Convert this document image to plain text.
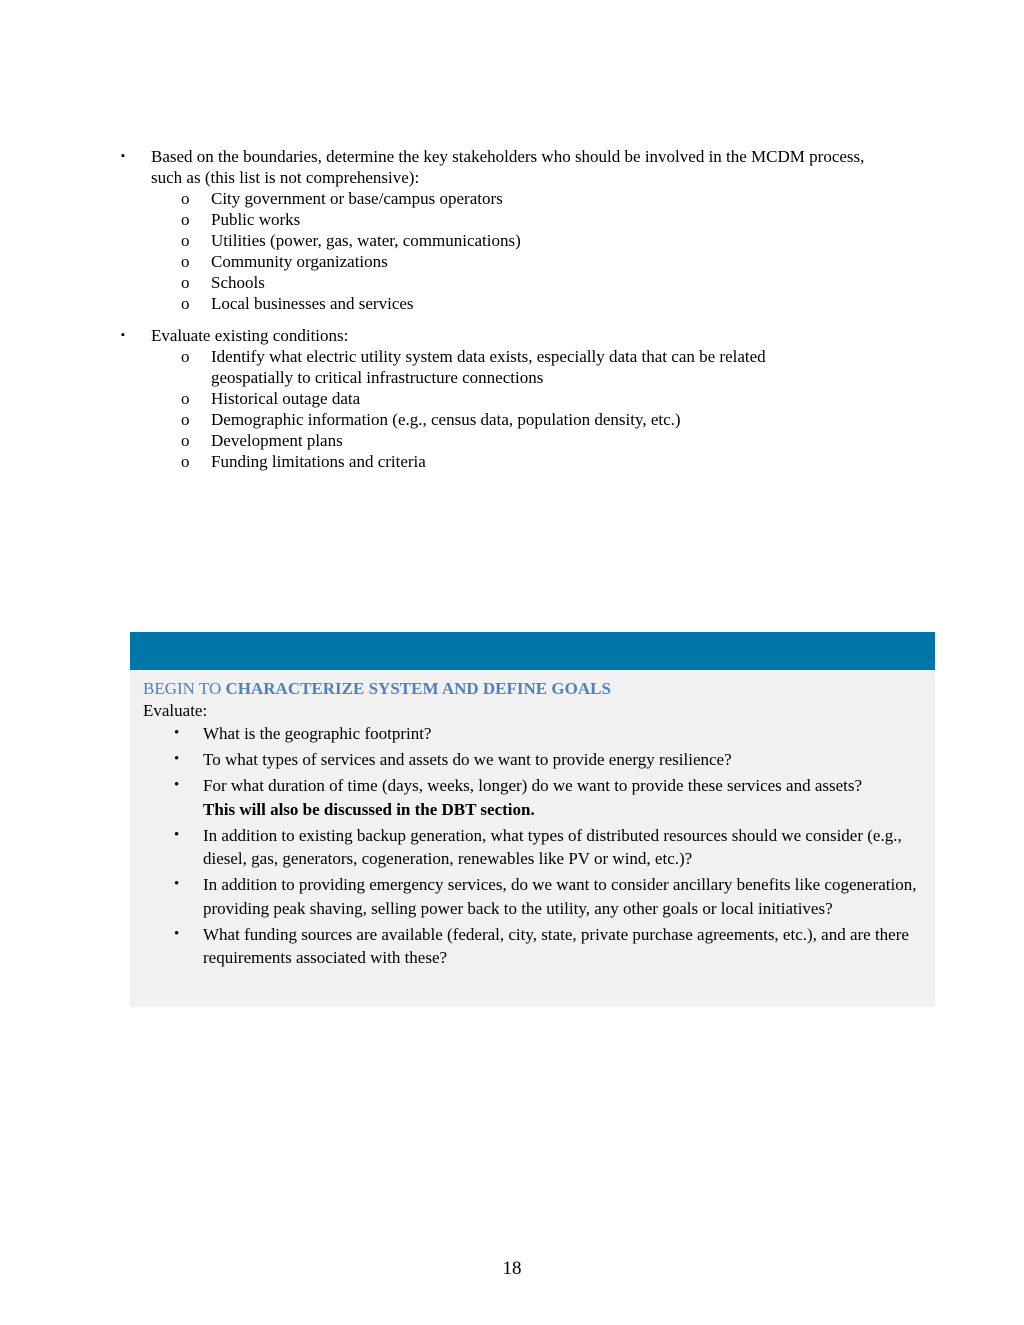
▪ Based on the boundaries, determine the key stakeholders who should be involved in the MCDM process, such as (this list is not comprehensive):
o City government or base/campus operators
o Public works
o Utilities (power, gas, water, communications)
o Community organizations
o Schools
o Local businesses and services
▪ Evaluate existing conditions:
o Identify what electric utility system data exists, especially data that can be related geospatially to critical infrastructure connections
o Historical outage data
o Demographic information (e.g., census data, population density, etc.)
o Development plans
o Funding limitations and criteria
BEGIN TO CHARACTERIZE SYSTEM AND DEFINE GOALS
Evaluate:
• What is the geographic footprint?
• To what types of services and assets do we want to provide energy resilience?
• For what duration of time (days, weeks, longer) do we want to provide these services and assets?
This will also be discussed in the DBT section.
• In addition to existing backup generation, what types of distributed resources should we consider (e.g., diesel, gas, generators, cogeneration, renewables like PV or wind, etc.)?
• In addition to providing emergency services, do we want to consider ancillary benefits like cogeneration, providing peak shaving, selling power back to the utility, any other goals or local initiatives?
• What funding sources are available (federal, city, state, private purchase agreements, etc.), and are there requirements associated with these?
18
